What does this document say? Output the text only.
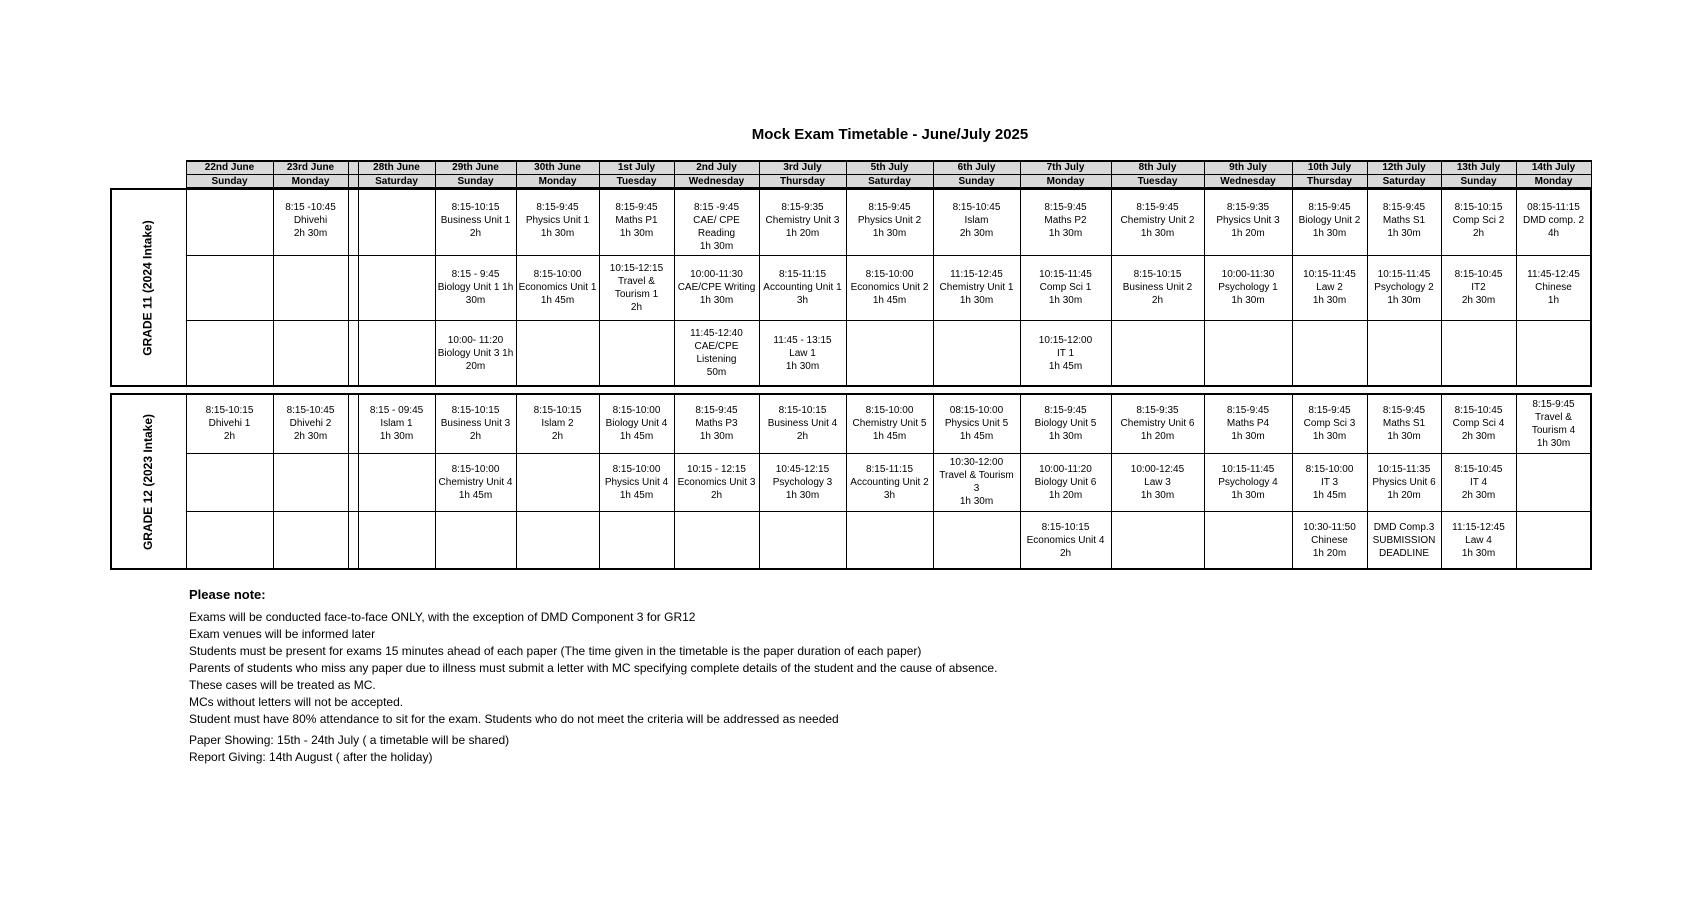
Mock Exam Timetable - June/July 2025
22nd June
Sunday
23rd June
Monday
28th June
Saturday
29th June
Sunday
30th June
Monday
1st July
Tuesday
2nd July
Wednesday
3rd July
Thursday
5th July
Saturday
6th July
Sunday
7th July
Monday
8th July
Tuesday
9th July
Wednesday
10th July
Thursday
12th July
Saturday
13th July
Sunday
14th July
Monday
GRADE 11 (2024 Intake)
8:15 -10:45
Dhivehi
2h 30m
8:15-10:15
Business Unit 1
2h
8:15-9:45
Physics Unit 1
1h 30m
8:15-9:45
Maths P1
1h 30m
8:15 -9:45
CAE/ CPE
Reading
1h 30m
8:15-9:35
Chemistry Unit 3
1h 20m
8:15-9:45
Physics Unit 2
1h 30m
8:15-10:45
Islam
2h 30m
8:15-9:45
Maths P2
1h 30m
8:15-9:45
Chemistry Unit 2
1h 30m
8:15-9:35
Physics Unit 3
1h 20m
8:15-9:45
Biology Unit 2
1h 30m
8:15-9:45
Maths S1
1h 30m
8:15-10:15
Comp Sci 2
2h
08:15-11:15
DMD comp. 2
4h
8:15 - 9:45
Biology Unit 1 1h
30m
8:15-10:00
Economics Unit 1
1h 45m
10:15-12:15
Travel &
Tourism 1
2h
10:00-11:30
CAE/CPE Writing
1h 30m
8:15-11:15
Accounting Unit 1
3h
8:15-10:00
Economics Unit 2
1h 45m
11:15-12:45
Chemistry Unit 1
1h 30m
10:15-11:45
Comp Sci 1
1h 30m
8:15-10:15
Business Unit 2
2h
10:00-11:30
Psychology 1
1h 30m
10:15-11:45
Law 2
1h 30m
10:15-11:45
Psychology 2
1h 30m
8:15-10:45
IT2
2h 30m
11:45-12:45
Chinese
1h
10:00- 11:20
Biology Unit 3 1h
20m
11:45-12:40
CAE/CPE
Listening
50m
11:45 - 13:15
Law 1
1h 30m
10:15-12:00
IT 1
1h 45m
GRADE 12 (2023 Intake)
8:15-10:15
Dhivehi 1
2h
8:15-10:45
Dhivehi 2
2h 30m
8:15 - 09:45
Islam 1
1h 30m
8:15-10:15
Business Unit 3
2h
8:15-10:15
Islam 2
2h
8:15-10:00
Biology Unit 4
1h 45m
8:15-9:45
Maths P3
1h 30m
8:15-10:15
Business Unit 4
2h
8:15-10:00
Chemistry Unit 5
1h 45m
08:15-10:00
Physics Unit 5
1h 45m
8:15-9:45
Biology Unit 5
1h 30m
8:15-9:35
Chemistry Unit 6
1h 20m
8:15-9:45
Maths P4
1h 30m
8:15-9:45
Comp Sci 3
1h 30m
8:15-9:45
Maths S1
1h 30m
8:15-10:45
Comp Sci 4
2h 30m
8:15-9:45
Travel &
Tourism 4
1h 30m
8:15-10:00
Chemistry Unit 4
1h 45m
8:15-10:00
Physics Unit 4
1h 45m
10:15 - 12:15
Economics Unit 3
2h
10:45-12:15
Psychology 3
1h 30m
8:15-11:15
Accounting Unit 2
3h
10:30-12:00
Travel & Tourism
3
1h 30m
10:00-11:20
Biology Unit 6
1h 20m
10:00-12:45
Law 3
1h 30m
10:15-11:45
Psychology 4
1h 30m
8:15-10:00
IT 3
1h 45m
10:15-11:35
Physics Unit 6
1h 20m
8:15-10:45
IT 4
2h 30m
8:15-10:15
Economics Unit 4
2h
10:30-11:50
Chinese
1h 20m
DMD Comp.3
SUBMISSION
DEADLINE
11:15-12:45
Law 4
1h 30m
Please note:
Exams will be conducted face-to-face ONLY, with the exception of DMD Component 3 for GR12
Exam venues will be informed later
Students must be present for exams 15 minutes ahead of each paper (The time given in the timetable is the paper duration of each paper)
Parents of students who miss any paper due to illness must submit a letter with MC specifying complete details of the student and the cause of absence.
These cases will be treated as MC.
MCs without letters will not be accepted.
Student must have 80% attendance to sit for the exam. Students who do not meet the criteria will be addressed as needed
Paper Showing: 15th - 24th July ( a timetable will be shared)
Report Giving: 14th August ( after the holiday)
